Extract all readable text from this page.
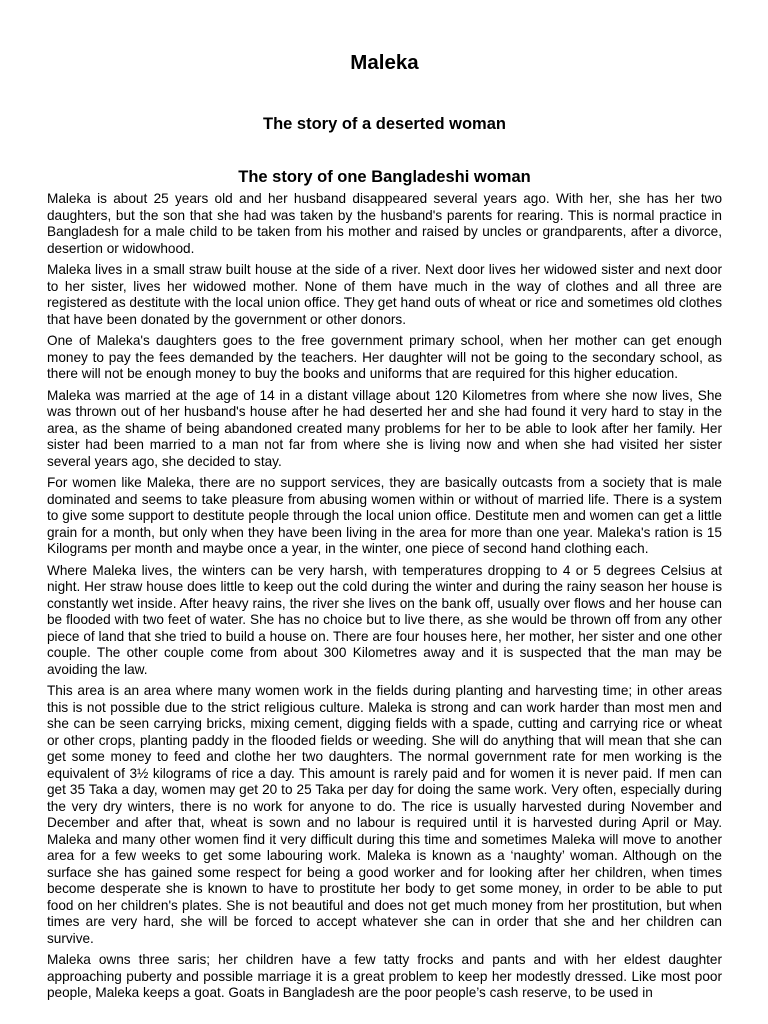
Maleka
The story of a deserted woman
The story of one Bangladeshi woman

Maleka is about 25 years old and her husband disappeared several years ago. With her, she has her two daughters, but the son that she had was taken by the husband's parents for rearing. This is normal practice in Bangladesh for a male child to be taken from his mother and raised by uncles or grandparents, after a divorce, desertion or widowhood.

Maleka lives in a small straw built house at the side of a river. Next door lives her widowed sister and next door to her sister, lives her widowed mother. None of them have much in the way of clothes and all three are registered as destitute with the local union office. They get hand outs of wheat or rice and sometimes old clothes that have been donated by the government or other donors.

One of Maleka's daughters goes to the free government primary school, when her mother can get enough money to pay the fees demanded by the teachers. Her daughter will not be going to the secondary school, as there will not be enough money to buy the books and uniforms that are required for this higher education.

Maleka was married at the age of 14 in a distant village about 120 Kilometres from where she now lives, She was thrown out of her husband's house after he had deserted her and she had found it very hard to stay in the area, as the shame of being abandoned created many problems for her to be able to look after her family. Her sister had been married to a man not far from where she is living now and when she had visited her sister several years ago, she decided to stay.

For women like Maleka, there are no support services, they are basically outcasts from a society that is male dominated and seems to take pleasure from abusing women within or without of married life. There is a system to give some support to destitute people through the local union office. Destitute men and women can get a little grain for a month, but only when they have been living in the area for more than one year. Maleka's ration is 15 Kilograms per month and maybe once a year, in the winter, one piece of second hand clothing each.

Where Maleka lives, the winters can be very harsh, with temperatures dropping to 4 or 5 degrees Celsius at night. Her straw house does little to keep out the cold during the winter and during the rainy season her house is constantly wet inside. After heavy rains, the river she lives on the bank off, usually over flows and her house can be flooded with two feet of water. She has no choice but to live there, as she would be thrown off from any other piece of land that she tried to build a house on. There are four houses here, her mother, her sister and one other couple. The other couple come from about 300 Kilometres away and it is suspected that the man may be avoiding the law.

This area is an area where many women work in the fields during planting and harvesting time; in other areas this is not possible due to the strict religious culture. Maleka is strong and can work harder than most men and she can be seen carrying bricks, mixing cement, digging fields with a spade, cutting and carrying rice or wheat or other crops, planting paddy in the flooded fields or weeding. She will do anything that will mean that she can get some money to feed and clothe her two daughters. The normal government rate for men working is the equivalent of 3½ kilograms of rice a day. This amount is rarely paid and for women it is never paid. If men can get 35 Taka a day, women may get 20 to 25 Taka per day for doing the same work. Very often, especially during the very dry winters, there is no work for anyone to do. The rice is usually harvested during November and December and after that, wheat is sown and no labour is required until it is harvested during April or May. Maleka and many other women find it very difficult during this time and sometimes Maleka will move to another area for a few weeks to get some labouring work. Maleka is known as a ‘naughty’ woman. Although on the surface she has gained some respect for being a good worker and for looking after her children, when times become desperate she is known to have to prostitute her body to get some money, in order to be able to put food on her children's plates. She is not beautiful and does not get much money from her prostitution, but when times are very hard, she will be forced to accept whatever she can in order that she and her children can survive.

Maleka owns three saris; her children have a few tatty frocks and pants and with her eldest daughter approaching puberty and possible marriage it is a great problem to keep her modestly dressed. Like most poor people, Maleka keeps a goat. Goats in Bangladesh are the poor people’s cash reserve, to be used in
